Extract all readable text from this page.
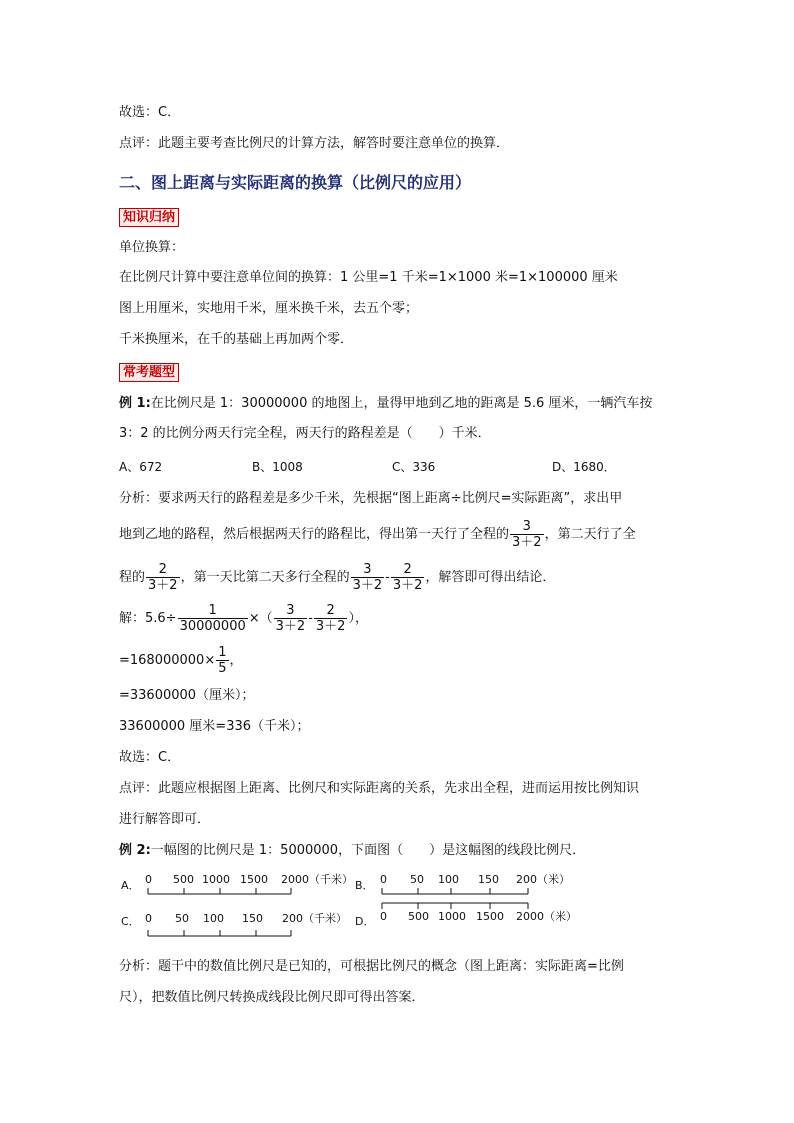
故选：C．
点评：此题主要考查比例尺的计算方法，解答时要注意单位的换算．
二、图上距离与实际距离的换算（比例尺的应用）
知识归纳
单位换算：
在比例尺计算中要注意单位间的换算：1 公里=1 千米=1×1000 米=1×100000 厘米
图上用厘米，实地用千米，厘米换千米，去五个零；
千米换厘米，在千的基础上再加两个零．
常考题型
例 1:在比例尺是 1：30000000 的地图上，量得甲地到乙地的距离是 5.6 厘米，一辆汽车按
3：2 的比例分两天行完全程，两天行的路程差是（　　）千米．
A、672	B、1008	C、336	D、1680．
分析：要求两天行的路程差是多少千米，先根据“图上距离÷比例尺=实际距离”，求出甲
地到乙地的路程，然后根据两天行的路程比，得出第一天行了全程的 $\frac{3}{3+2}$ ，第二天行了全
程的 $\frac{2}{3+2}$ ，第一天比第二天多行全程的 $\frac{3}{3+2} - \frac{2}{3+2}$ ，解答即可得出结论．
解：$5.6\div \frac{1}{30000000}$ ×（ $\frac{3}{3+2} - \frac{2}{3+2}$ ），
$=168000000\times \frac{1}{5}$ ，
=33600000（厘米）；
33600000 厘米=336（千米）；
故选：C．
点评：此题应根据图上距离、比例尺和实际距离的关系，先求出全程，进而运用按比例知识
进行解答即可．
例 2:一幅图的比例尺是 1：5000000，下面图（　　）是这幅图的线段比例尺．
A． 0 500 1000 1500 2000（千米） B． 0 50 100 150 200（米）
C． 0 50 100 150 200（千米） D． 0 500 1000 1500 2000（米）
分析：题干中的数值比例尺是已知的，可根据比例尺的概念（图上距离：实际距离=比例
尺），把数值比例尺转换成线段比例尺即可得出答案．
